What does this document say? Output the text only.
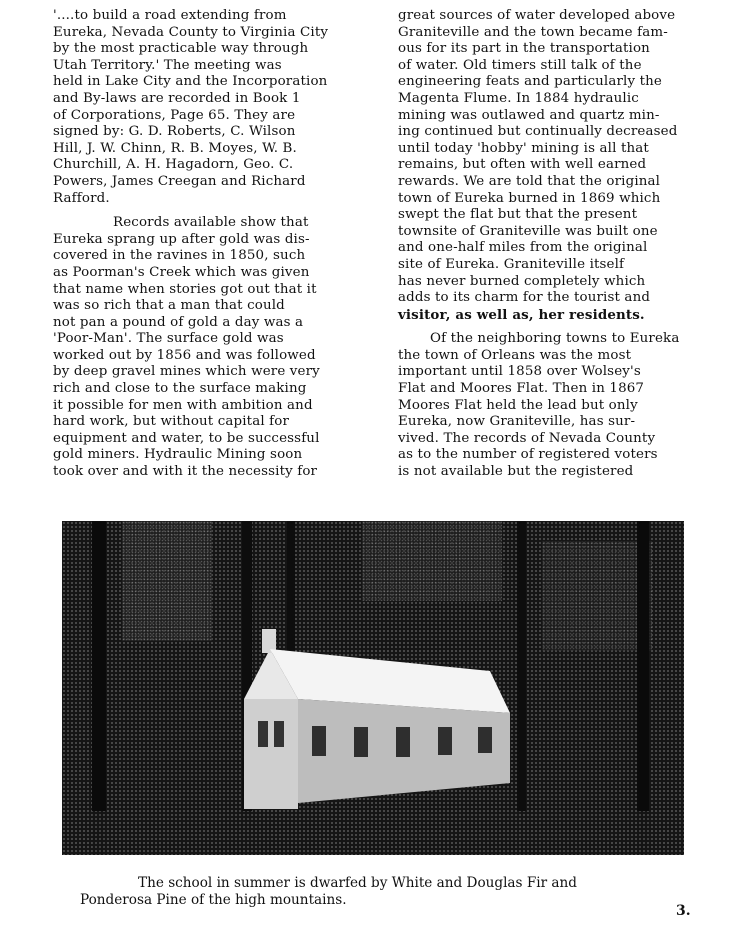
'....to build a road extending from
Eureka, Nevada County to Virginia City
by the most practicable way through
Utah Territory.' The meeting was
held in Lake City and the Incorporation
and By-laws are recorded in Book 1
of Corporations, Page 65. They are
signed by: G. D. Roberts, C. Wilson
Hill, J. W. Chinn, R. B. Moyes, W. B.
Churchill, A. H. Hagadorn, Geo. C.
Powers, James Creegan and Richard
Rafford.
Records available show that
Eureka sprang up after gold was dis-
covered in the ravines in 1850, such
as Poorman's Creek which was given
that name when stories got out that it
was so rich that a man that could
not pan a pound of gold a day was a
'Poor-Man'. The surface gold was
worked out by 1856 and was followed
by deep gravel mines which were very
rich and close to the surface making
it possible for men with ambition and
hard work, but without capital for
equipment and water, to be successful
gold miners. Hydraulic Mining soon
took over and with it the necessity for
great sources of water developed above
Graniteville and the town became fam-
ous for its part in the transportation
of water. Old timers still talk of the
engineering feats and particularly the
Magenta Flume. In 1884 hydraulic
mining was outlawed and quartz min-
ing continued but continually decreased
until today 'hobby' mining is all that
remains, but often with well earned
rewards. We are told that the original
town of Eureka burned in 1869 which
swept the flat but that the present
townsite of Graniteville was built one
and one-half miles from the original
site of Eureka. Graniteville itself
has never burned completely which
adds to its charm for the tourist and
visitor, as well as, her residents.
Of the neighboring towns to Eureka
the town of Orleans was the most
important until 1858 over Wolsey's
Flat and Moores Flat. Then in 1867
Moores Flat held the lead but only
Eureka, now Graniteville, has sur-
vived. The records of Nevada County
as to the number of registered voters
is not available but the registered
The school in summer is dwarfed by White and Douglas Fir and
Ponderosa Pine of the high mountains.
3.
